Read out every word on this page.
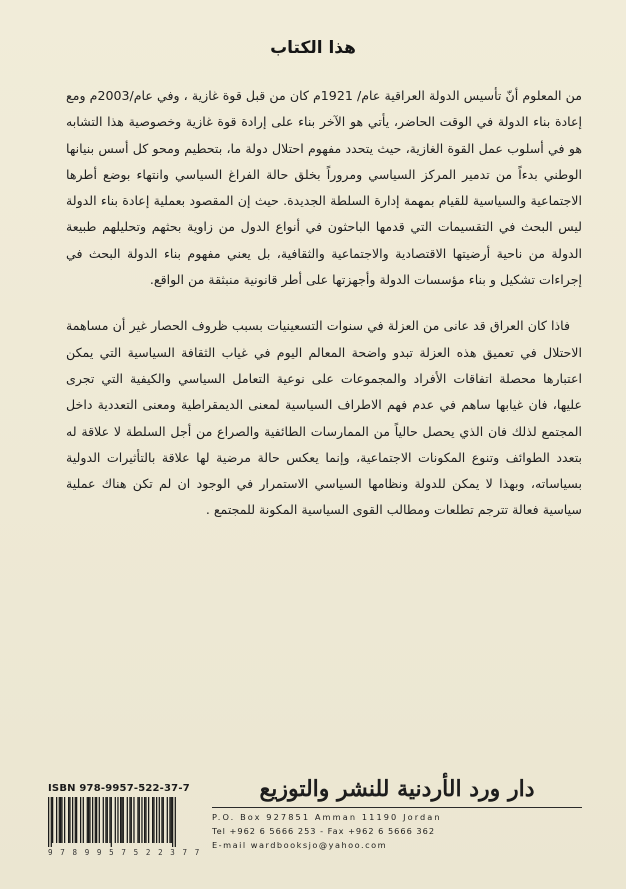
هذا الكتاب

من المعلوم أنّ تأسيس الدولة العراقية عام/ 1921م كان من قبل قوة غازية ، وفي عام/2003م ومع إعادة بناء الدولة في الوقت الحاضر، يأتي هو الآخر بناء على إرادة قوة غازية وخصوصية هذا التشابه هو في أسلوب عمل القوة الغازية، حيث يتحدد مفهوم احتلال دولة ما، بتحطيم ومحو كل أسس بنيانها الوطني بدءاً من تدمير المركز السياسي ومروراً بخلق حالة الفراغ السياسي وانتهاء بوضع أطرها الاجتماعية والسياسية للقيام بمهمة إدارة السلطة الجديدة. حيث إن المقصود بعملية إعادة بناء الدولة ليس البحث في التقسيمات التي قدمها الباحثون في أنواع الدول من زاوية بحثهم وتحليلهم طبيعة الدولة من ناحية أرضيتها الاقتصادية والاجتماعية والثقافية، بل يعني مفهوم بناء الدولة البحث في إجراءات تشكيل و بناء مؤسسات الدولة وأجهزتها على أطر قانونية منبثقة من الواقع.

فاذا كان العراق قد عانى من العزلة في سنوات التسعينيات بسبب ظروف الحصار غير أن مساهمة الاحتلال في تعميق هذه العزلة تبدو واضحة المعالم اليوم في غياب الثقافة السياسية التي يمكن اعتبارها محصلة اتفاقات الأفراد والمجموعات على نوعية التعامل السياسي والكيفية التي تجرى عليها، فان غيابها ساهم في عدم فهم الاطراف السياسية لمعنى الديمقراطية ومعنى التعددية داخل المجتمع لذلك فان الذي يحصل حالياً من الممارسات الطائفية والصراع من أجل السلطة لا علاقة له بتعدد الطوائف وتنوع المكونات الاجتماعية، وإنما يعكس حالة مرضية لها علاقة بالتأثيرات الدولية بسياساته، وبهذا لا يمكن للدولة ونظامها السياسي الاستمرار في الوجود ان لم تكن هناك عملية سياسية فعالة تترجم تطلعات ومطالب القوى السياسية المكونة للمجتمع .

ISBN 978-9957-522-37-7
9 7 8 9 9 5 7 5 2 2 3 7 7
دار ورد الأردنية للنشر والتوزيع
P.O. Box 927851 Amman 11190 Jordan
Tel +962 6 5666 253 - Fax +962 6 5666 362
E-mail wardbooksjo@yahoo.com
